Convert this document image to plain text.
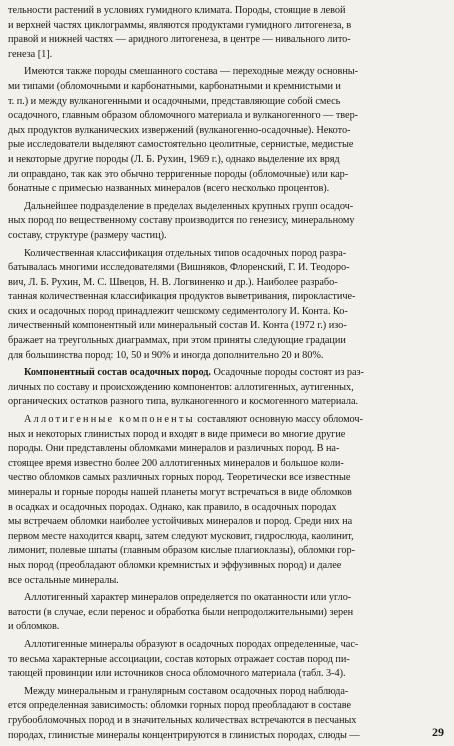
тельности растений в условиях гумидного климата. Породы, стоящие в левой
и верхней частях циклограммы, являются продуктами гумидного литогенеза, в
правой и нижней частях — аридного литогенеза, в центре — нивального лито-
генеза [1].
Имеются также породы смешанного состава — переходные между основны-
ми типами (обломочными и карбонатными, карбонатными и кремнистыми и
т. п.) и между вулканогенными и осадочными, представляющие собой смесь
осадочного, главным образом обломочного материала и вулканогенного — твер-
дых продуктов вулканических извержений (вулканогенно-осадочные). Некото-
рые исследователи выделяют самостоятельно цеолитные, сернистые, медистые
и некоторые другие породы (Л. Б. Рухин, 1969 г.), однако выделение их вряд
ли оправдано, так как это обычно терригенные породы (обломочные) или кар-
бонатные с примесью названных минералов (всего несколько процентов).
Дальнейшее подразделение в пределах выделенных крупных групп осадоч-
ных пород по вещественному составу производится по генезису, минеральному
составу, структуре (размеру частиц).
Количественная классификация отдельных типов осадочных пород разра-
батывалась многими исследователями (Вишняков, Флоренский, Г. И. Теодоро-
вич, Л. Б. Рухин, М. С. Швецов, Н. В. Логвиненко и др.). Наиболее разрабо-
танная количественная классификация продуктов выветривания, пирокластиче-
ских и осадочных пород принадлежит чешскому седиментологу И. Конта. Ко-
личественный компонентный или минеральный состав И. Конта (1972 г.) изо-
бражает на треугольных диаграммах, при этом приняты следующие градации
для большинства пород: 10, 50 и 90% и иногда дополнительно 20 и 80%.
Компонентный состав осадочных пород. Осадочные породы состоят из раз-
личных по составу и происхождению компонентов: аллотигенных, аутигенных,
органических остатков разного типа, вулканогенного и космогенного материала.
Аллотигенные компоненты составляют основную массу обломоч-
ных и некоторых глинистых пород и входят в виде примеси во многие другие
породы. Они представлены обломками минералов и различных пород. В на-
стоящее время известно более 200 аллотигенных минералов и большое коли-
чество обломков самых различных горных пород. Теоретически все известные
минералы и горные породы нашей планеты могут встречаться в виде обломков
в осадках и осадочных породах. Однако, как правило, в осадочных породах
мы встречаем обломки наиболее устойчивых минералов и пород. Среди них на
первом месте находится кварц, затем следуют мусковит, гидрослюда, каолинит,
лимонит, полевые шпаты (главным образом кислые плагиоклазы), обломки гор-
ных пород (преобладают обломки кремнистых и эффузивных пород) и далее
все остальные минералы.
Аллотигенный характер минералов определяется по окатанности или угло-
ватости (в случае, если перенос и обработка были непродолжительными) зерен
и обломков.
Аллотигенные минералы образуют в осадочных породах определенные, час-
то весьма характерные ассоциации, состав которых отражает состав пород пи-
тающей провинции или источников сноса обломочного материала (табл. 3-4).
Между минеральным и гранулярным составом осадочных пород наблюда-
ется определенная зависимость: обломки горных пород преобладают в составе
грубообломочных пород и в значительных количествах встречаются в песчаных
породах, глинистые минералы концентрируются в глинистых породах, слюды —	29
